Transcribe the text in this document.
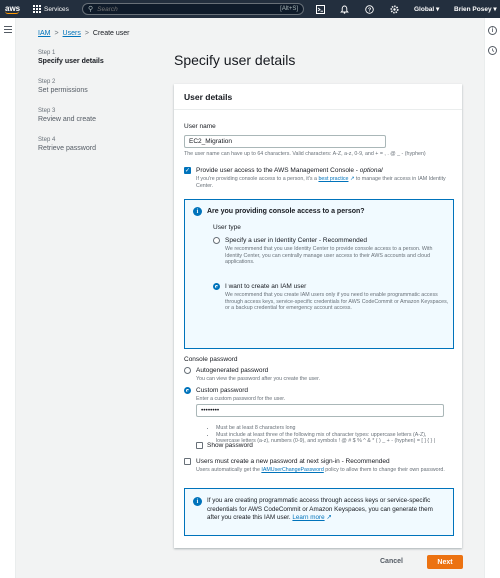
aws	Services	⚲
Search	[Alt+S]	?	Global ▾ Brien Posey ▾
i
IAM > Users > Create user
Step 1
Specify user details
Step 2
Set permissions
Step 3
Review and create
Step 4
Retrieve password
Specify user details
User details
User name
EC2_Migration
The user name can have up to 64 characters. Valid characters: A-Z, a-z, 0-9, and + = , . @ _ - (hyphen)
✓ Provide user access to the AWS Management Console - optional
If you're providing console access to a person, it's a best practice ↗ to manage their access in IAM Identity Center.
i	Are you providing console access to a person?
User type
Specify a user in Identity Center - Recommended
We recommend that you use Identity Center to provide console access to a person. With Identity Center, you can centrally manage user access to their AWS accounts and cloud applications.
I want to create an IAM user
We recommend that you create IAM users only if you need to enable programmatic access through access keys, service-specific credentials for AWS CodeCommit or Amazon Keyspaces, or a backup credential for emergency account access.
Console password
Autogenerated password
You can view the password after you create the user.
Custom password
Enter a custom password for the user.
••••••••
• Must be at least 8 characters long
• Must include at least three of the following mix of character types: uppercase letters (A-Z), lowercase letters (a-z), numbers (0-9), and symbols ! @ # $ % ^ & * ( ) _ + - (hyphen) = [ ] { } |
Show password
Users must create a new password at next sign-in - Recommended
Users automatically get the IAMUserChangePassword policy to allow them to change their own password.
i	If you are creating programmatic access through access keys or service-specific credentials for AWS CodeCommit or Amazon Keyspaces, you can generate them after you create this IAM user. Learn more ↗
Cancel	Next
